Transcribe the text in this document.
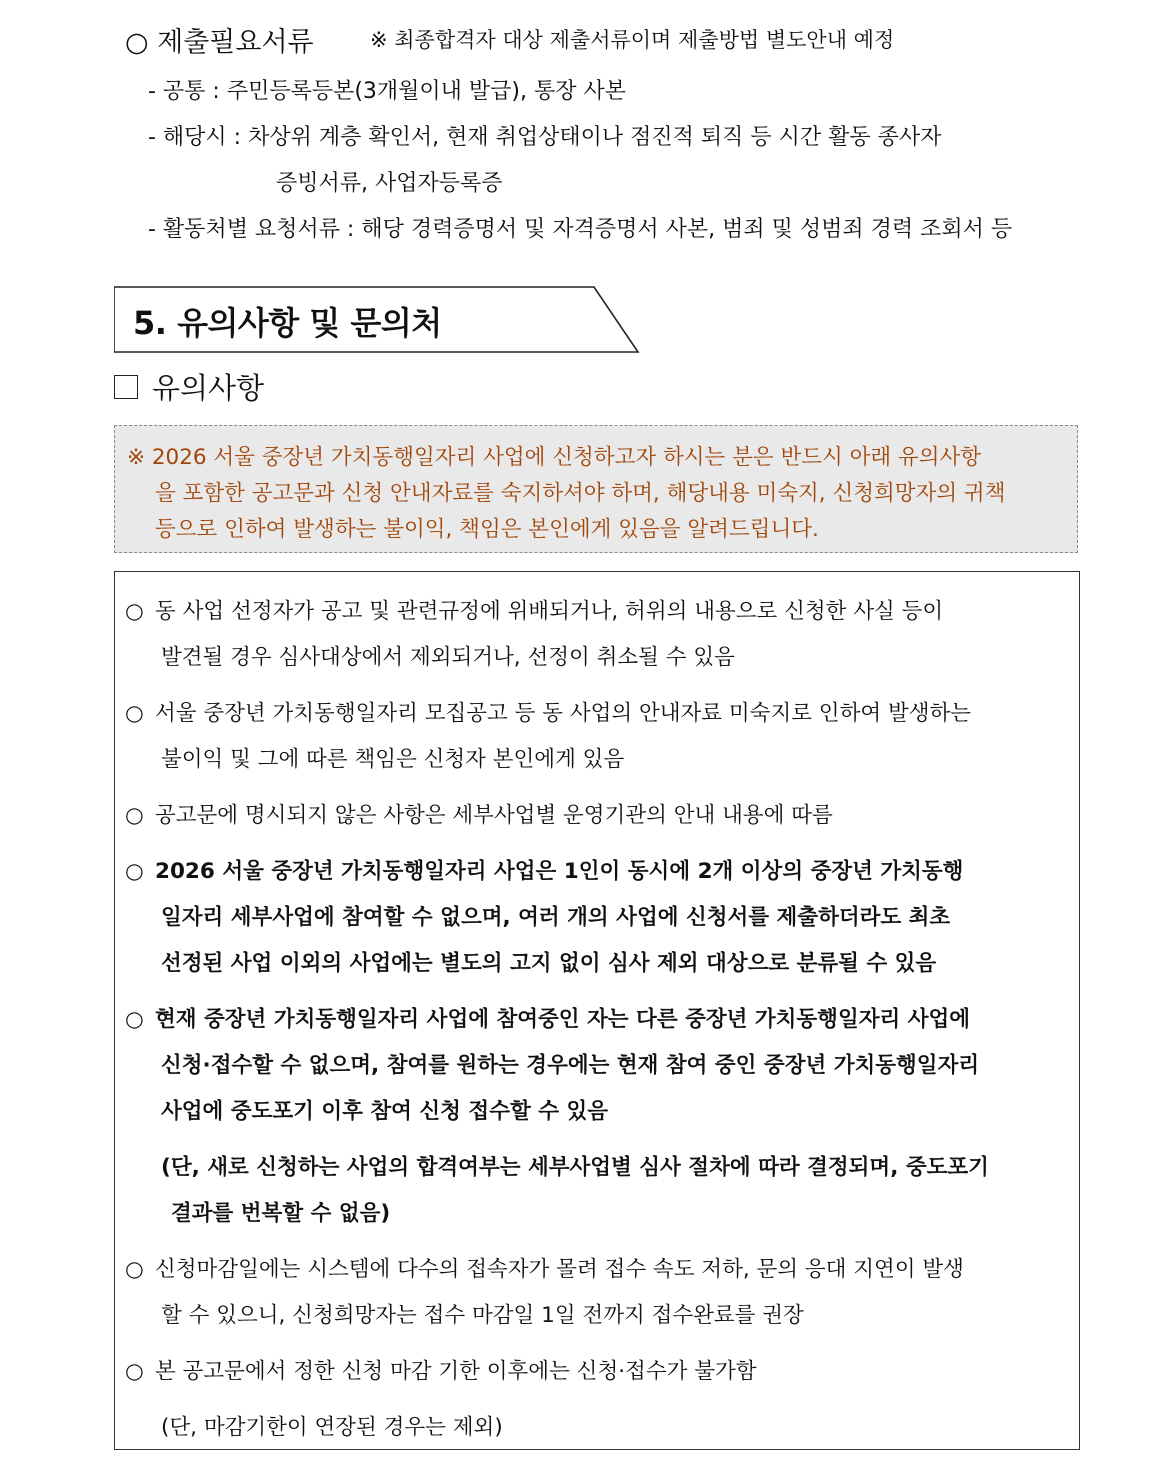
○ 제출필요서류	※ 최종합격자 대상 제출서류이며 제출방법 별도안내 예정
- 공통 : 주민등록등본(3개월이내 발급), 통장 사본
- 해당시 : 차상위 계층 확인서, 현재 취업상태이나 점진적 퇴직 등 시간 활동 종사자
증빙서류, 사업자등록증
- 활동처별 요청서류 : 해당 경력증명서 및 자격증명서 사본, 범죄 및 성범죄 경력 조회서 등
5. 유의사항 및 문의처
유의사항
※ 2026 서울 중장년 가치동행일자리 사업에 신청하고자 하시는 분은 반드시 아래 유의사항
을 포함한 공고문과 신청 안내자료를 숙지하셔야 하며, 해당내용 미숙지, 신청희망자의 귀책
등으로 인하여 발생하는 불이익, 책임은 본인에게 있음을 알려드립니다.
○ 동 사업 선정자가 공고 및 관련규정에 위배되거나, 허위의 내용으로 신청한 사실 등이
발견될 경우 심사대상에서 제외되거나, 선정이 취소될 수 있음
○ 서울 중장년 가치동행일자리 모집공고 등 동 사업의 안내자료 미숙지로 인하여 발생하는
불이익 및 그에 따른 책임은 신청자 본인에게 있음
○ 공고문에 명시되지 않은 사항은 세부사업별 운영기관의 안내 내용에 따름
○ 2026 서울 중장년 가치동행일자리 사업은 1인이 동시에 2개 이상의 중장년 가치동행
일자리 세부사업에 참여할 수 없으며, 여러 개의 사업에 신청서를 제출하더라도 최초
선정된 사업 이외의 사업에는 별도의 고지 없이 심사 제외 대상으로 분류될 수 있음
○ 현재 중장년 가치동행일자리 사업에 참여중인 자는 다른 중장년 가치동행일자리 사업에
신청·접수할 수 없으며, 참여를 원하는 경우에는 현재 참여 중인 중장년 가치동행일자리
사업에 중도포기 이후 참여 신청 접수할 수 있음
(단, 새로 신청하는 사업의 합격여부는 세부사업별 심사 절차에 따라 결정되며, 중도포기
결과를 번복할 수 없음)
○ 신청마감일에는 시스템에 다수의 접속자가 몰려 접수 속도 저하, 문의 응대 지연이 발생
할 수 있으니, 신청희망자는 접수 마감일 1일 전까지 접수완료를 권장
○ 본 공고문에서 정한 신청 마감 기한 이후에는 신청·접수가 불가함
(단, 마감기한이 연장된 경우는 제외)
